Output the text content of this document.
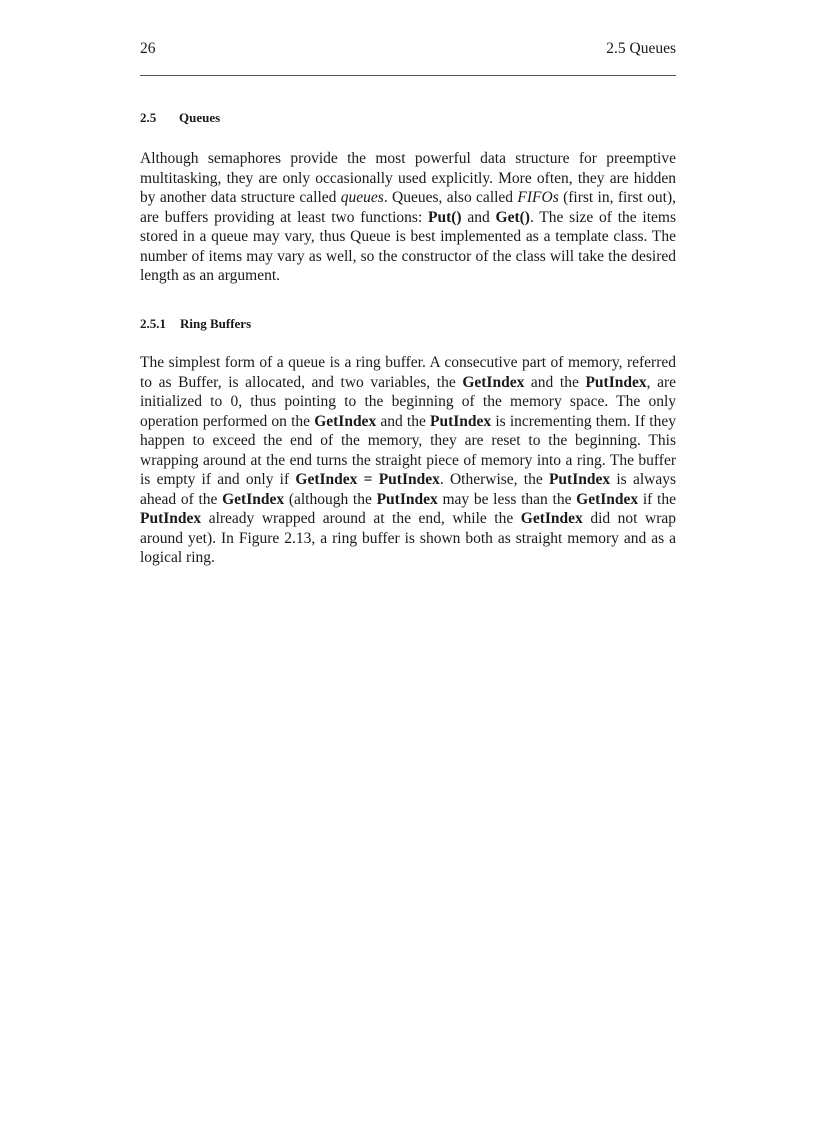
26	2.5 Queues
2.5 Queues

Although semaphores provide the most powerful data structure for preemptive multitasking, they are only occasionally used explicitly. More often, they are hidden by another data structure called queues. Queues, also called FIFOs (first in, first out), are buffers providing at least two functions: Put() and Get(). The size of the items stored in a queue may vary, thus Queue is best implemented as a template class. The number of items may vary as well, so the constructor of the class will take the desired length as an argument.

2.5.1 Ring Buffers

The simplest form of a queue is a ring buffer. A consecutive part of memory, referred to as Buffer, is allocated, and two variables, the GetIndex and the PutIndex, are initialized to 0, thus pointing to the beginning of the memory space. The only operation performed on the GetIndex and the PutIndex is incrementing them. If they happen to exceed the end of the memory, they are reset to the beginning. This wrapping around at the end turns the straight piece of memory into a ring. The buffer is empty if and only if GetIndex = PutIndex. Otherwise, the PutIndex is always ahead of the GetIndex (although the PutIndex may be less than the GetIndex if the PutIndex already wrapped around at the end, while the GetIndex did not wrap around yet). In Figure 2.13, a ring buffer is shown both as straight memory and as a logical ring.
